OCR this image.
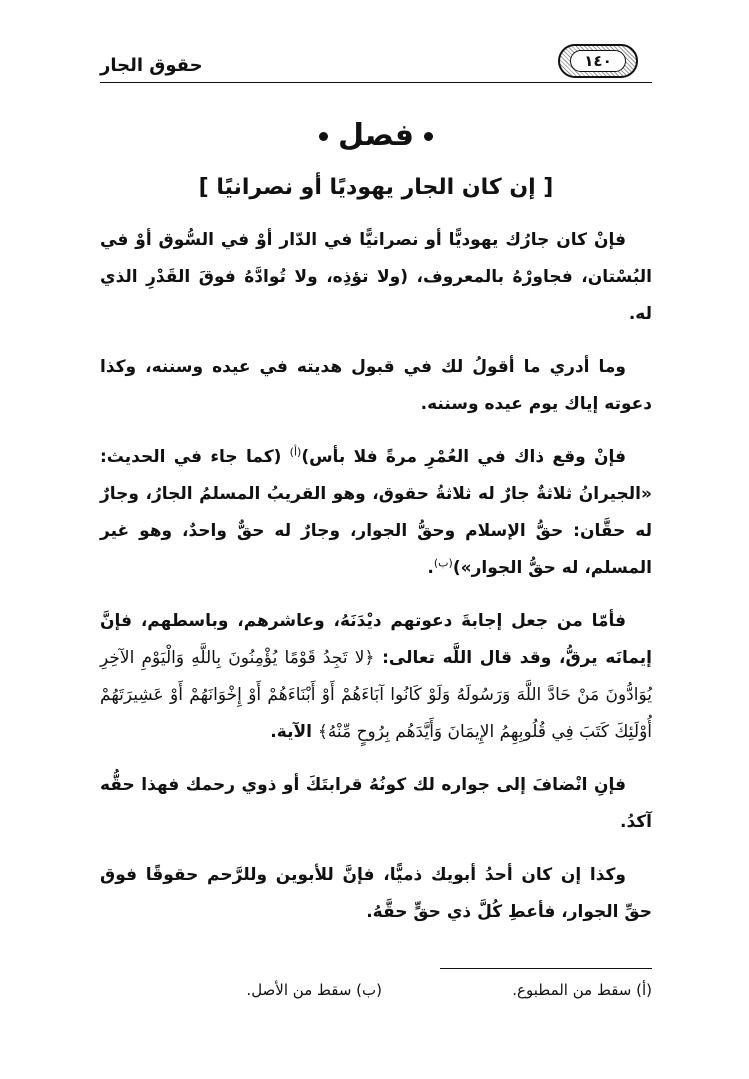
١٤٠
حقوق الجار
فصل
[ إن كان الجار يهوديًا أو نصرانيًا ]

فإنْ كان جارُك يهوديًّا أو نصرانيًّا في الدّار أوْ في السُّوق أوْ في البُسْتان، فجاورْهُ بالمعروف، (ولا تؤذِه، ولا تُوادَّهُ فوقَ القَدْرِ الذي له.

وما أدري ما أقولُ لك في قبول هديته في عيده وسننه، وكذا دعوته إياك يوم عيده وسننه.

فإنْ وقع ذاك في العُمْرِ مرةً فلا بأس)$^{(أ)}$ (كما جاء في الحديث: «الجيرانُ ثلاثةٌ جارٌ له ثلاثةُ حقوق، وهو القريبُ المسلمُ الجارُ، وجارٌ له حقَّان: حقُّ الإسلام وحقُّ الجوار، وجارٌ له حقٌّ واحدٌ، وهو غير المسلم، له حقُّ الجوار»)$^{(ب)}$.

فأمّا من جعل إجابةَ دعوتهم ديْدَنَهُ، وعاشرهم، وباسطهم، فإنَّ إيمانَه يرقُّ، وقد قال اللَّه تعالى: ﴿لا تَجِدُ قَوْمًا يُؤْمِنُونَ بِاللَّهِ وَالْيَوْمِ الآخِرِ يُوَادُّونَ مَنْ حَادَّ اللَّهَ وَرَسُولَهُ وَلَوْ كَانُوا آبَاءَهُمْ أَوْ أَبْنَاءَهُمْ أَوْ إِخْوَانَهُمْ أَوْ عَشِيرَتَهُمْ أُوْلَئِكَ كَتَبَ فِي قُلُوبِهِمُ الإِيمَانَ وَأَيَّدَهُم بِرُوحٍ مِّنْهُ﴾ الآية.

فإنِ انْضافَ إلى جواره لك كونُهُ قرابتَكَ أو ذوي رحمك فهذا حقُّه آكدُ.

وكذا إن كان أحدُ أبويك ذميًّا، فإنَّ للأبوين وللرَّحم حقوقًا فوق حقِّ الجوار، فأعطِ كُلَّ ذي حقٍّ حقَّهُ.

(أ) سقط من المطبوع.
(ب) سقط من الأصل.
